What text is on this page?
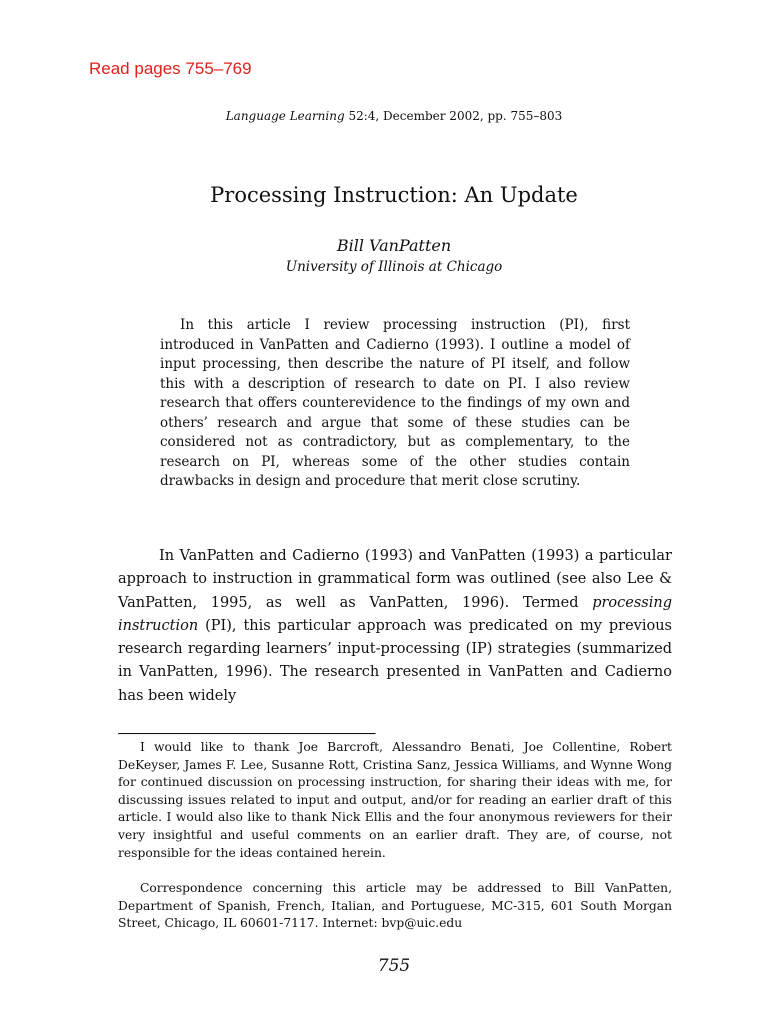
Read pages 755–769

Language Learning 52:4, December 2002, pp. 755–803

Processing Instruction: An Update

Bill VanPatten

University of Illinois at Chicago

In this article I review processing instruction (PI), first introduced in VanPatten and Cadierno (1993). I outline a model of input processing, then describe the nature of PI itself, and follow this with a description of research to date on PI. I also review research that offers counterevidence to the findings of my own and others’ research and argue that some of these studies can be considered not as contradictory, but as complementary, to the research on PI, whereas some of the other studies contain drawbacks in design and procedure that merit close scrutiny.

In VanPatten and Cadierno (1993) and VanPatten (1993) a particular approach to instruction in grammatical form was outlined (see also Lee & VanPatten, 1995, as well as VanPatten, 1996). Termed processing instruction (PI), this particular approach was predicated on my previous research regarding learners’ input-processing (IP) strategies (summarized in VanPatten, 1996). The research presented in VanPatten and Cadierno has been widely

I would like to thank Joe Barcroft, Alessandro Benati, Joe Collentine, Robert DeKeyser, James F. Lee, Susanne Rott, Cristina Sanz, Jessica Williams, and Wynne Wong for continued discussion on processing instruction, for sharing their ideas with me, for discussing issues related to input and output, and/or for reading an earlier draft of this article. I would also like to thank Nick Ellis and the four anonymous reviewers for their very insightful and useful comments on an earlier draft. They are, of course, not responsible for the ideas contained herein.

Correspondence concerning this article may be addressed to Bill VanPatten, Department of Spanish, French, Italian, and Portuguese, MC-315, 601 South Morgan Street, Chicago, IL 60601-7117. Internet: bvp@uic.edu

755
